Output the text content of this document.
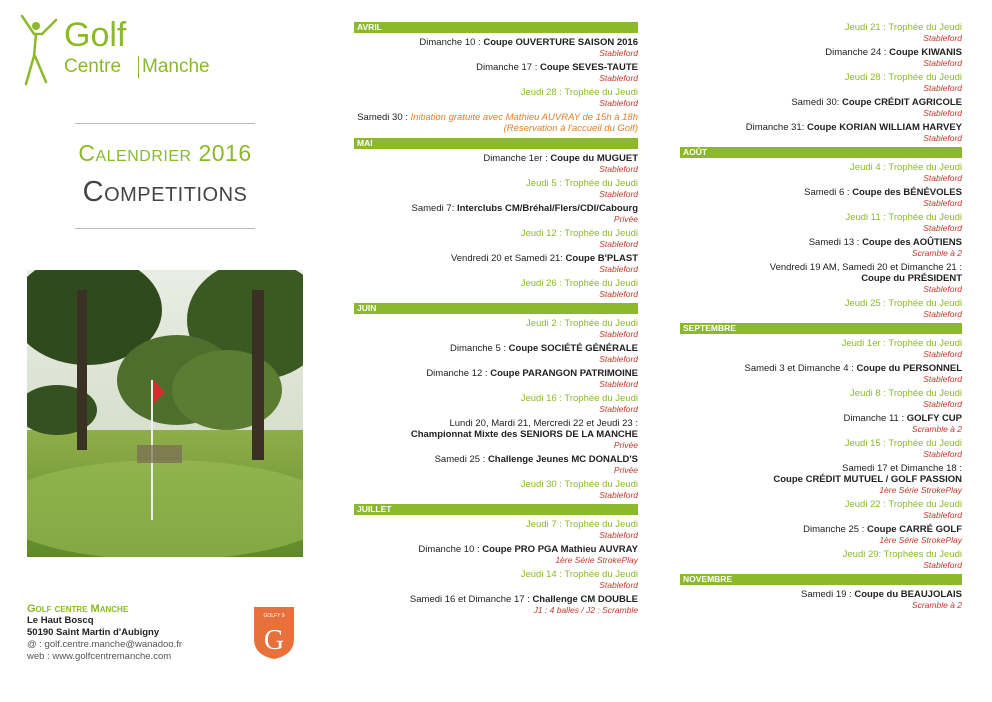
Golf
Centre Manche
Calendrier 2016
Competitions
Golf centre Manche
Le Haut Boscq
50190 Saint Martin d'Aubigny
@ : golf.centre.manche@wanadoo.fr
web : www.golfcentremanche.com
GOLFY 9
G
AVRIL
Dimanche 10 : Coupe OUVERTURE SAISON 2016
Stableford
Dimanche 17 : Coupe SEVES-TAUTE
Stableford
Jeudi 28 : Trophée du Jeudi
Stableford
Samedi 30 : Initiation gratuite avec Mathieu AUVRAY de 15h à 18h (Réservation à l'accueil du Golf)
MAI
Dimanche 1er : Coupe du MUGUET
Stableford
Jeudi 5 : Trophée du Jeudi
Stableford
Samedi 7: Interclubs CM/Bréhal/Flers/CDI/Cabourg
Privée
Jeudi 12 : Trophée du Jeudi
Stableford
Vendredi 20 et Samedi 21: Coupe B'PLAST
Stableford
Jeudi 26 : Trophée du Jeudi
Stableford
JUIN
Jeudi 2 : Trophée du Jeudi
Stableford
Dimanche 5 : Coupe SOCIÉTÉ GÉNÉRALE
Stableford
Dimanche 12 : Coupe PARANGON PATRIMOINE
Stableford
Jeudi 16 : Trophée du Jeudi
Stableford
Lundi 20, Mardi 21, Mercredi 22 et Jeudi 23 :
Championnat Mixte des SENIORS DE LA MANCHE
Privée
Samedi 25 : Challenge Jeunes MC DONALD'S
Privée
Jeudi 30 : Trophée du Jeudi
Stableford
JUILLET
Jeudi 7 : Trophée du Jeudi
Stableford
Dimanche 10 : Coupe PRO PGA Mathieu AUVRAY
1ère Série StrokePlay
Jeudi 14 : Trophée du Jeudi
Stableford
Samedi 16 et Dimanche 17 : Challenge CM DOUBLE
J1 : 4 balles / J2 : Scramble
Jeudi 21 : Trophée du Jeudi
Stableford
Dimanche 24 : Coupe KIWANIS
Stableford
Jeudi 28 : Trophée du Jeudi
Stableford
Samedi 30: Coupe CRÉDIT AGRICOLE
Stableford
Dimanche 31: Coupe KORIAN WILLIAM HARVEY
Stableford
AOÛT
Jeudi 4 : Trophée du Jeudi
Stableford
Samedi 6 : Coupe des BÉNÉVOLES
Stableford
Jeudi 11 : Trophée du Jeudi
Stableford
Samedi 13 : Coupe des AOÛTIENS
Scramble à 2
Vendredi 19 AM, Samedi 20 et Dimanche 21 :
Coupe du PRÉSIDENT
Stableford
Jeudi 25 : Trophée du Jeudi
Stableford
SEPTEMBRE
Jeudi 1er : Trophée du Jeudi
Stableford
Samedi 3 et Dimanche 4 : Coupe du PERSONNEL
Stableford
Jeudi 8 : Trophée du Jeudi
Stableford
Dimanche 11 : GOLFY CUP
Scramble à 2
Jeudi 15 : Trophée du Jeudi
Stableford
Samedi 17 et Dimanche 18 :
Coupe CRÉDIT MUTUEL / GOLF PASSION
1ère Série StrokePlay
Jeudi 22 : Trophée du Jeudi
Stableford
Dimanche 25 : Coupe CARRÉ GOLF
1ère Série StrokePlay
Jeudi 29: Trophées du Jeudi
Stableford
NOVEMBRE
Samedi 19 : Coupe du BEAUJOLAIS
Scramble à 2
